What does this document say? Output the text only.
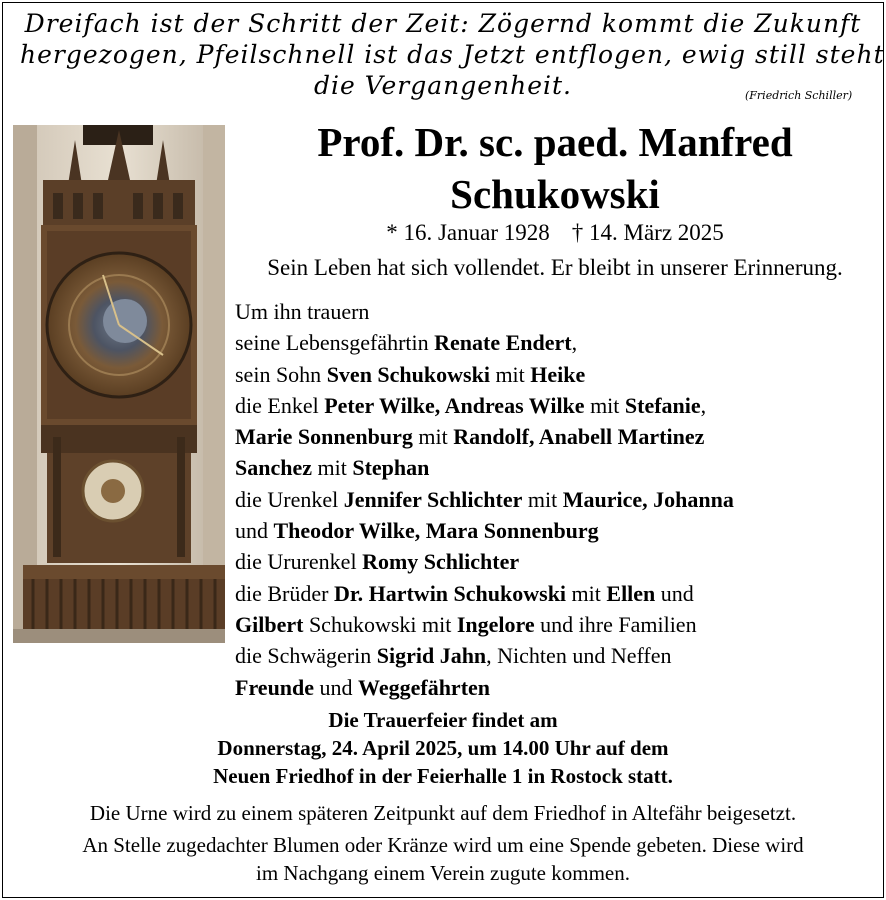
Dreifach ist der Schritt der Zeit: Zögernd kommt die Zukunft
hergezogen, Pfeilschnell ist das Jetzt entflogen, ewig still steht
die Vergangenheit.	(Friedrich Schiller)
Prof. Dr. sc. paed. Manfred
Schukowski
* 16. Januar 1928 † 14. März 2025
Sein Leben hat sich vollendet. Er bleibt in unserer Erinnerung.
Um ihn trauern
seine Lebensgefährtin Renate Endert,
sein Sohn Sven Schukowski mit Heike
die Enkel Peter Wilke, Andreas Wilke mit Stefanie,
Marie Sonnenburg mit Randolf, Anabell Martinez
Sanchez mit Stephan
die Urenkel Jennifer Schlichter mit Maurice, Johanna
und Theodor Wilke, Mara Sonnenburg
die Ururenkel Romy Schlichter
die Brüder Dr. Hartwin Schukowski mit Ellen und
Gilbert Schukowski mit Ingelore und ihre Familien
die Schwägerin Sigrid Jahn, Nichten und Neffen
Freunde und Weggefährten
Die Trauerfeier findet am
Donnerstag, 24. April 2025, um 14.00 Uhr auf dem
Neuen Friedhof in der Feierhalle 1 in Rostock statt.
Die Urne wird zu einem späteren Zeitpunkt auf dem Friedhof in Altefähr beigesetzt.
An Stelle zugedachter Blumen oder Kränze wird um eine Spende gebeten. Diese wird
im Nachgang einem Verein zugute kommen.
